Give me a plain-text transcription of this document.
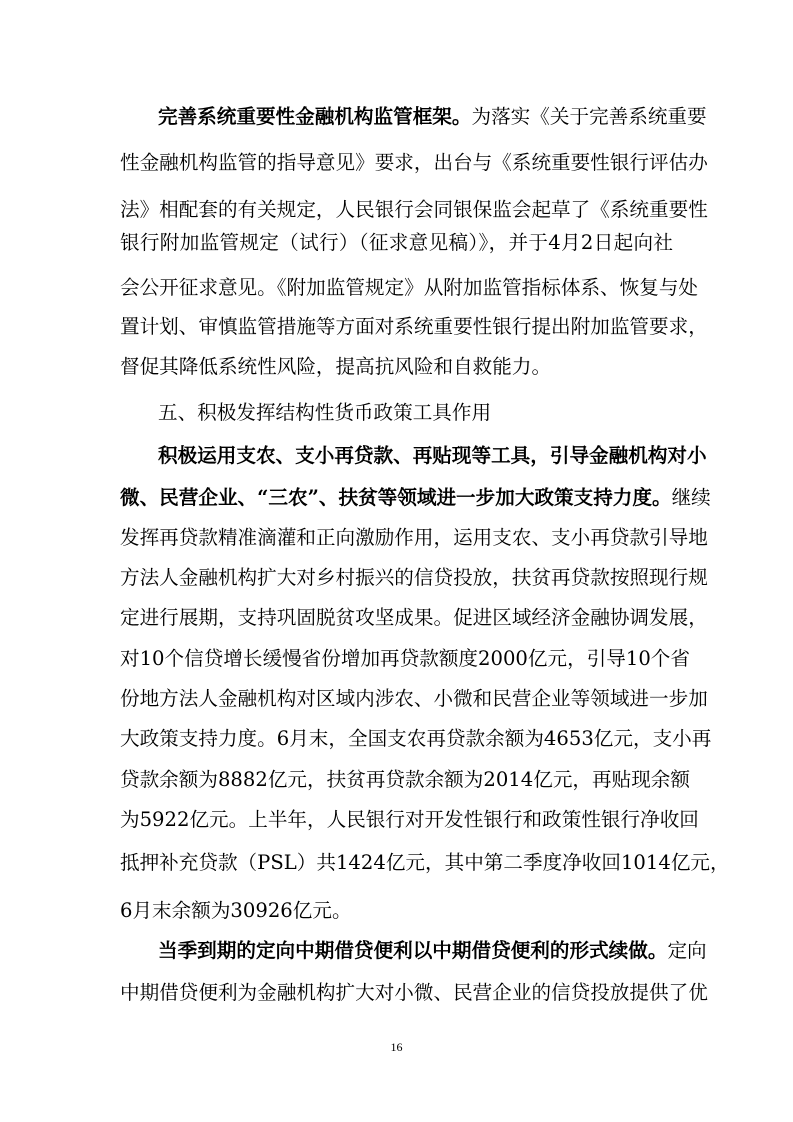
完善系统重要性金融机构监管框架。为落实《关于完善系统重要
性金融机构监管的指导意见》要求，出台与《系统重要性银行评估办
法》相配套的有关规定，人民银行会同银保监会起草了《系统重要性
银行附加监管规定（试行）（征求意见稿）》，并于4月2日起向社
会公开征求意见。《附加监管规定》从附加监管指标体系、恢复与处
置计划、审慎监管措施等方面对系统重要性银行提出附加监管要求，
督促其降低系统性风险，提高抗风险和自救能力。
五、积极发挥结构性货币政策工具作用
积极运用支农、支小再贷款、再贴现等工具，引导金融机构对小
微、民营企业、“三农”、扶贫等领域进一步加大政策支持力度。继续
发挥再贷款精准滴灌和正向激励作用，运用支农、支小再贷款引导地
方法人金融机构扩大对乡村振兴的信贷投放，扶贫再贷款按照现行规
定进行展期，支持巩固脱贫攻坚成果。促进区域经济金融协调发展，
对10个信贷增长缓慢省份增加再贷款额度2000亿元，引导10个省
份地方法人金融机构对区域内涉农、小微和民营企业等领域进一步加
大政策支持力度。6月末，全国支农再贷款余额为4653亿元，支小再
贷款余额为8882亿元，扶贫再贷款余额为2014亿元，再贴现余额
为5922亿元。上半年，人民银行对开发性银行和政策性银行净收回
抵押补充贷款（PSL）共1424亿元，其中第二季度净收回1014亿元，
6月末余额为30926亿元。
当季到期的定向中期借贷便利以中期借贷便利的形式续做。定向
中期借贷便利为金融机构扩大对小微、民营企业的信贷投放提供了优
16
